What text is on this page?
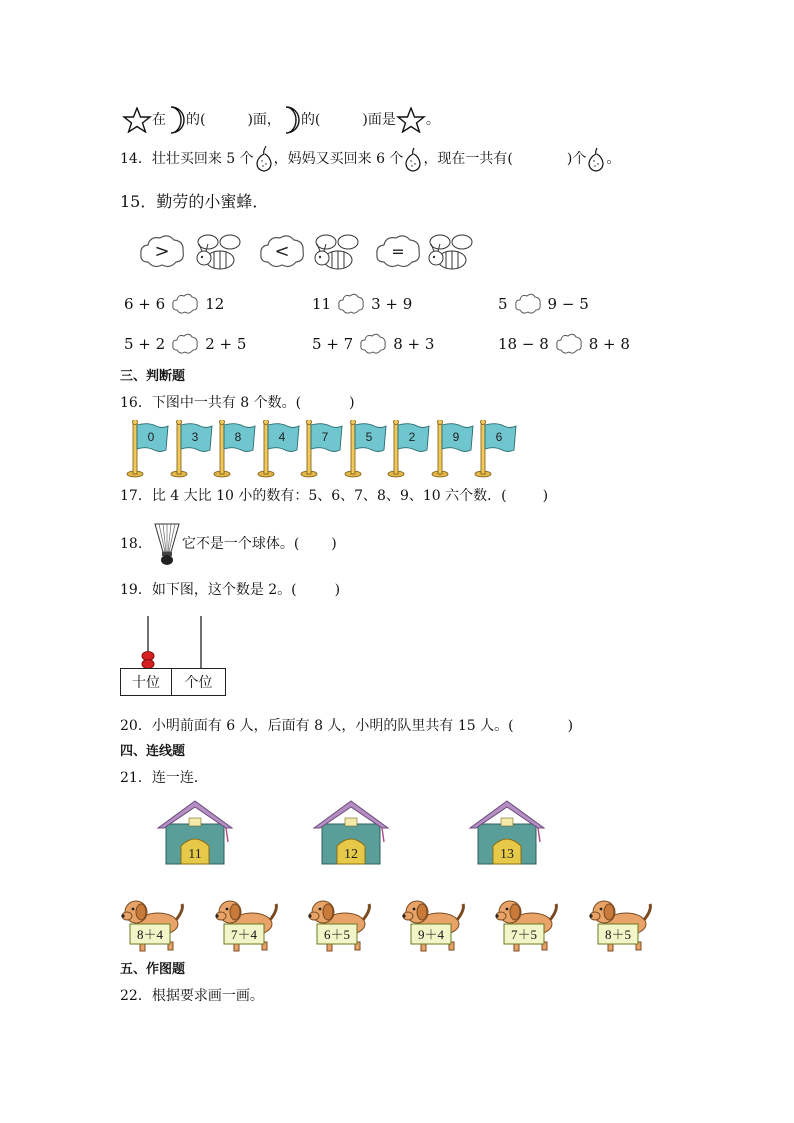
在 的(	)面， 的(	)面是 。
14．壮壮买回来 5 个 ，妈妈又买回来 6 个 ，现在一共有(	)个 。
15．勤劳的小蜜蜂．
>	<	=
6 + 6	12	11	3 + 9	5	9 − 5
5 + 2	2 + 5	5 + 7	8 + 3	18 − 8	8 + 8
三、判断题
16．下图中一共有 8 个数。(	)
0	3	8	4	7	5	2	9	6
17．比 4 大比 10 小的数有：5、6、7、8、9、10 六个数．(	)
18． 它不是一个球体。( )
19．如下图，这个数是 2。(	)
十位	个位
20．小明前面有 6 人，后面有 8 人，小明的队里共有 15 人。(	)
四、连线题
21．连一连．
11	12	13
8＋4	7＋4	6＋5	9＋4	7＋5	8＋5
五、作图题
22．根据要求画一画。
